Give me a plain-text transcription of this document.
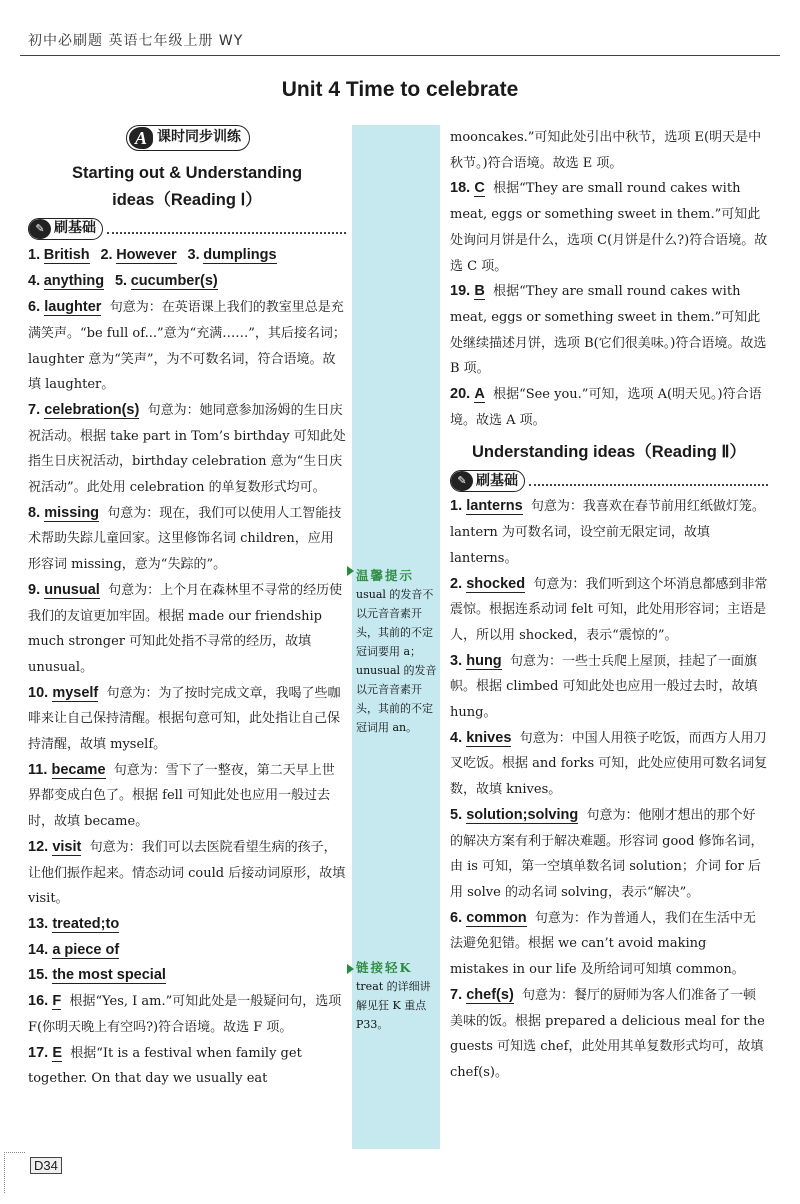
初中必刷题 英语七年级上册 WY
Unit 4 Time to celebrate
温馨提示
usual 的发音不以元音音素开头，其前的不定冠词要用 a；unusual 的发音以元音音素开头，其前的不定冠词用 an。
链接轻K
treat 的详细讲解见狂 K 重点 P33。
A 课时同步训练
Starting out & Understanding
ideas（Reading Ⅰ）
✎ 刷基础
1. British 2. However 3. dumplings
4. anything 5. cucumber(s)
6. laughter 句意为：在英语课上我们的教室里总是充满笑声。“be full of...”意为“充满……”，其后接名词；laughter 意为“笑声”，为不可数名词，符合语境。故填 laughter。
7. celebration(s) 句意为：她同意参加汤姆的生日庆祝活动。根据 take part in Tom’s birthday 可知此处指生日庆祝活动，birthday celebration 意为“生日庆祝活动”。此处用 celebration 的单复数形式均可。
8. missing 句意为：现在，我们可以使用人工智能技术帮助失踪儿童回家。这里修饰名词 children，应用形容词 missing，意为“失踪的”。
9. unusual 句意为：上个月在森林里不寻常的经历使我们的友谊更加牢固。根据 made our friendship much stronger 可知此处指不寻常的经历，故填 unusual。
10. myself 句意为：为了按时完成文章，我喝了些咖啡来让自己保持清醒。根据句意可知，此处指让自己保持清醒，故填 myself。
11. became 句意为：雪下了一整夜，第二天早上世界都变成白色了。根据 fell 可知此处也应用一般过去时，故填 became。
12. visit 句意为：我们可以去医院看望生病的孩子，让他们振作起来。情态动词 could 后接动词原形，故填 visit。
13. treated;to
14. a piece of
15. the most special
16. F 根据“Yes, I am.”可知此处是一般疑问句，选项 F(你明天晚上有空吗?)符合语境。故选 F 项。
17. E 根据“It is a festival when family get together. On that day we usually eat
mooncakes.”可知此处引出中秋节，选项 E(明天是中秋节。)符合语境。故选 E 项。
18. C 根据“They are small round cakes with meat, eggs or something sweet in them.”可知此处询问月饼是什么，选项 C(月饼是什么?)符合语境。故选 C 项。
19. B 根据“They are small round cakes with meat, eggs or something sweet in them.”可知此处继续描述月饼，选项 B(它们很美味。)符合语境。故选 B 项。
20. A 根据“See you.”可知，选项 A(明天见。)符合语境。故选 A 项。
Understanding ideas（Reading Ⅱ）
✎ 刷基础
1. lanterns 句意为：我喜欢在春节前用红纸做灯笼。lantern 为可数名词，设空前无限定词，故填 lanterns。
2. shocked 句意为：我们听到这个坏消息都感到非常震惊。根据连系动词 felt 可知，此处用形容词；主语是人，所以用 shocked，表示“震惊的”。
3. hung 句意为：一些士兵爬上屋顶，挂起了一面旗帜。根据 climbed 可知此处也应用一般过去时，故填 hung。
4. knives 句意为：中国人用筷子吃饭，而西方人用刀叉吃饭。根据 and forks 可知，此处应使用可数名词复数，故填 knives。
5. solution;solving 句意为：他刚才想出的那个好的解决方案有利于解决难题。形容词 good 修饰名词，由 is 可知，第一空填单数名词 solution；介词 for 后用 solve 的动名词 solving，表示“解决”。
6. common 句意为：作为普通人，我们在生活中无法避免犯错。根据 we can’t avoid making mistakes in our life 及所给词可知填 common。
7. chef(s) 句意为：餐厅的厨师为客人们准备了一顿美味的饭。根据 prepared a delicious meal for the guests 可知选 chef，此处用其单复数形式均可，故填 chef(s)。
D34
